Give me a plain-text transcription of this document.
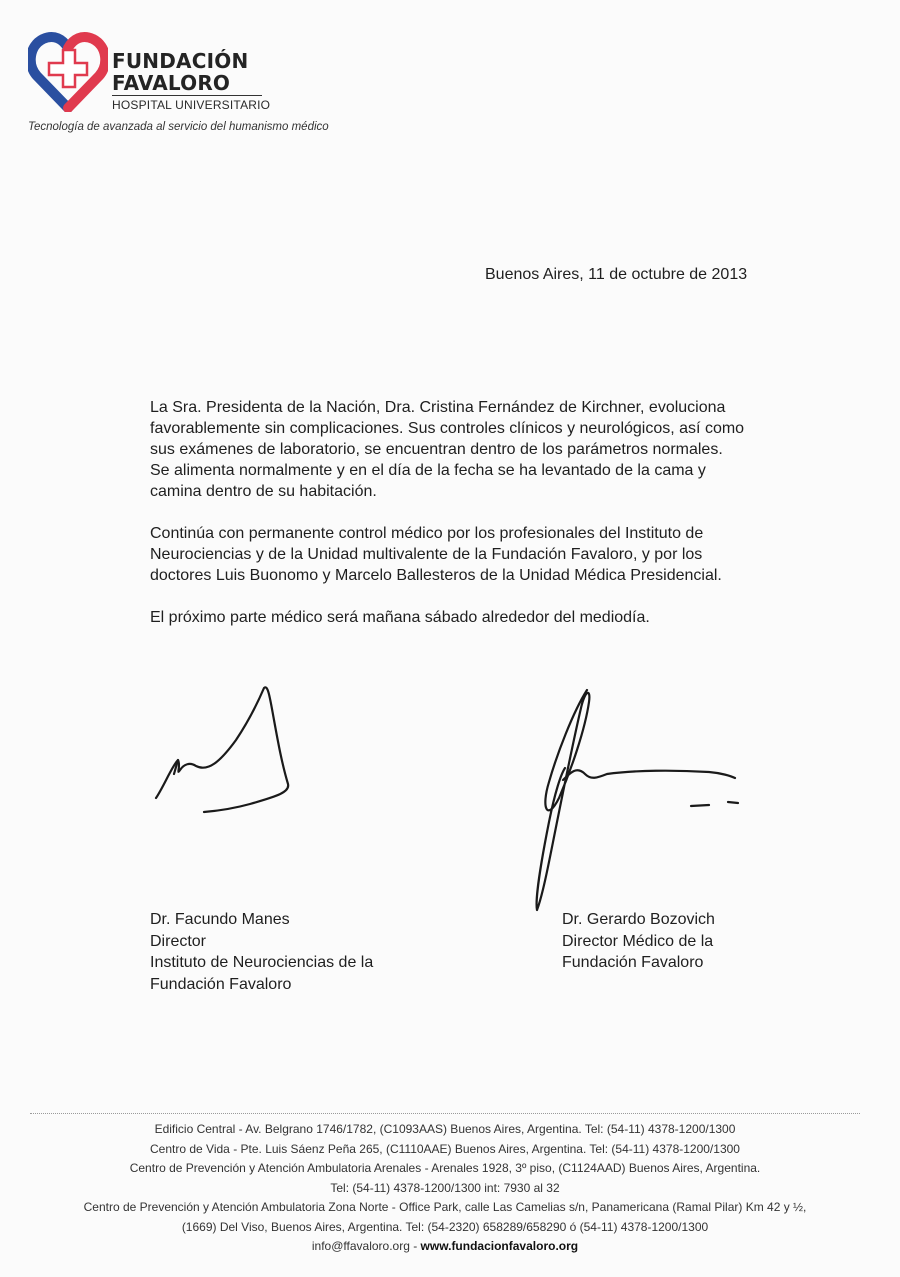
FUNDACIÓN
FAVALORO
HOSPITAL UNIVERSITARIO
Tecnología de avanzada al servicio del humanismo médico
Buenos Aires, 11 de octubre de 2013

La Sra. Presidenta de la Nación, Dra. Cristina Fernández de Kirchner, evoluciona
favorablemente sin complicaciones. Sus controles clínicos y neurológicos, así como
sus exámenes de laboratorio, se encuentran dentro de los parámetros normales.
Se alimenta normalmente y en el día de la fecha se ha levantado de la cama y
camina dentro de su habitación.

Continúa con permanente control médico por los profesionales del Instituto de
Neurociencias y de la Unidad multivalente de la Fundación Favaloro, y por los
doctores Luis Buonomo y Marcelo Ballesteros de la Unidad Médica Presidencial.

El próximo parte médico será mañana sábado alrededor del mediodía.

Dr. Facundo Manes
Director
Instituto de Neurociencias de la
Fundación Favaloro
Dr. Gerardo Bozovich
Director Médico de la
Fundación Favaloro
Edificio Central - Av. Belgrano 1746/1782, (C1093AAS) Buenos Aires, Argentina. Tel: (54-11) 4378-1200/1300
Centro de Vida - Pte. Luis Sáenz Peña 265, (C1110AAE) Buenos Aires, Argentina. Tel: (54-11) 4378-1200/1300
Centro de Prevención y Atención Ambulatoria Arenales - Arenales 1928, 3º piso, (C1124AAD) Buenos Aires, Argentina.
Tel: (54-11) 4378-1200/1300 int: 7930 al 32
Centro de Prevención y Atención Ambulatoria Zona Norte - Office Park, calle Las Camelias s/n, Panamericana (Ramal Pilar) Km 42 y ½,
(1669) Del Viso, Buenos Aires, Argentina. Tel: (54-2320) 658289/658290 ó (54-11) 4378-1200/1300
info@ffavaloro.org - www.fundacionfavaloro.org
